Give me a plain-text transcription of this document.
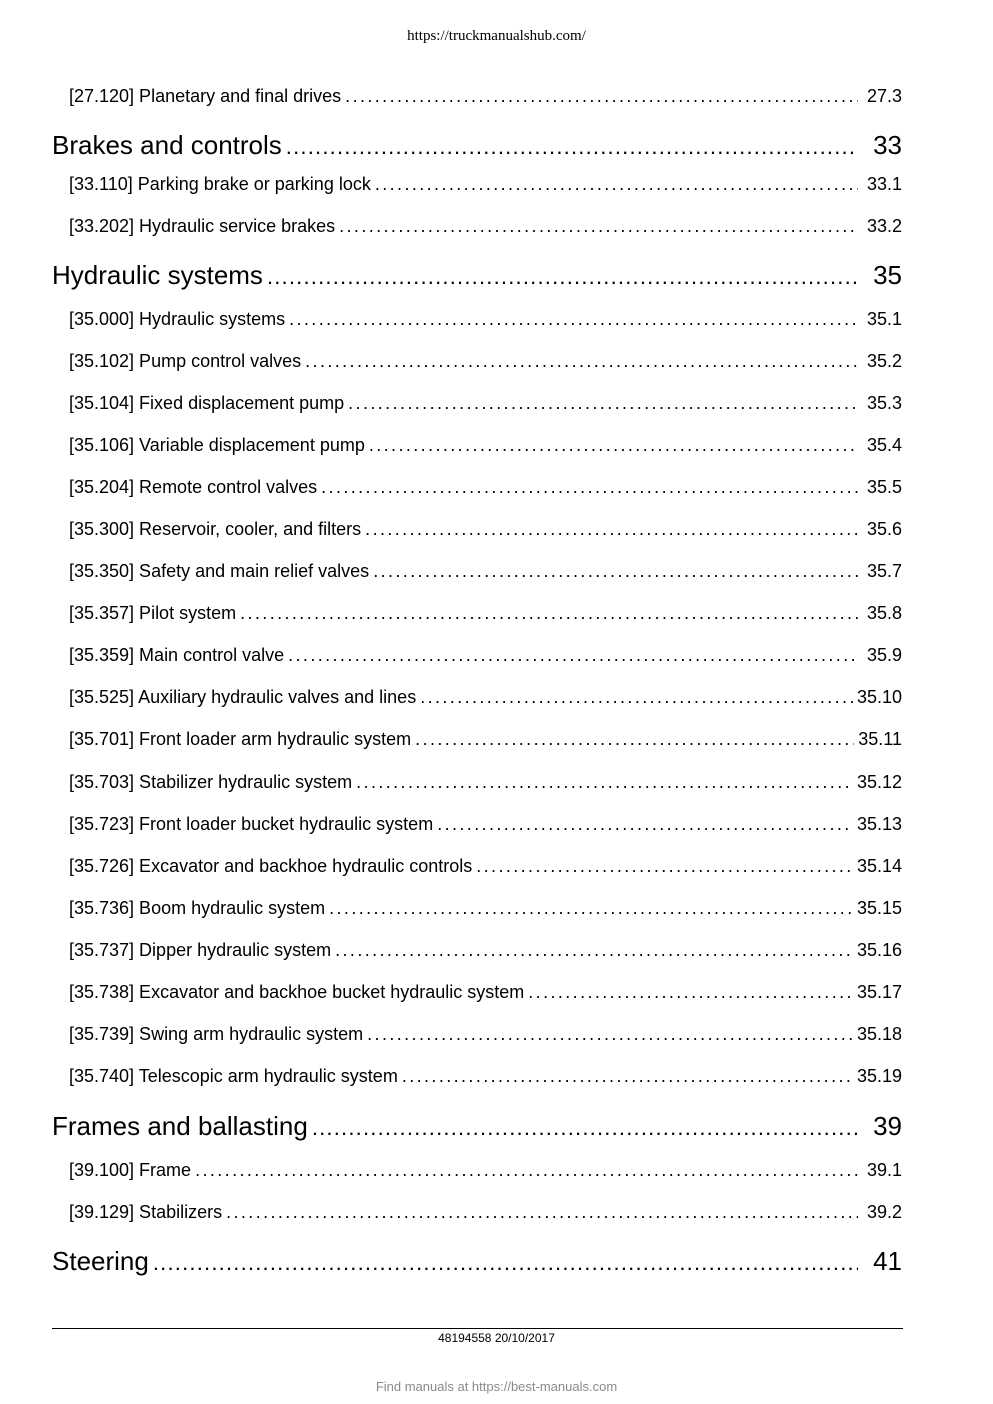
https://truckmanualshub.com/
[27.120] Planetary and final drives .....	27.3
Brakes and controls .....	33
[33.110] Parking brake or parking lock .....	33.1
[33.202] Hydraulic service brakes .....	33.2
Hydraulic systems .....	35
[35.000] Hydraulic systems .....	35.1
[35.102] Pump control valves .....	35.2
[35.104] Fixed displacement pump .....	35.3
[35.106] Variable displacement pump .....	35.4
[35.204] Remote control valves .....	35.5
[35.300] Reservoir, cooler, and filters .....	35.6
[35.350] Safety and main relief valves .....	35.7
[35.357] Pilot system .....	35.8
[35.359] Main control valve .....	35.9
[35.525] Auxiliary hydraulic valves and lines .....	35.10
[35.701] Front loader arm hydraulic system .....	35.11
[35.703] Stabilizer hydraulic system .....	35.12
[35.723] Front loader bucket hydraulic system .....	35.13
[35.726] Excavator and backhoe hydraulic controls .....	35.14
[35.736] Boom hydraulic system .....	35.15
[35.737] Dipper hydraulic system .....	35.16
[35.738] Excavator and backhoe bucket hydraulic system .....	35.17
[35.739] Swing arm hydraulic system .....	35.18
[35.740] Telescopic arm hydraulic system .....	35.19
Frames and ballasting .....	39
[39.100] Frame .....	39.1
[39.129] Stabilizers .....	39.2
Steering .....	41
48194558 20/10/2017
Find manuals at https://best-manuals.com
